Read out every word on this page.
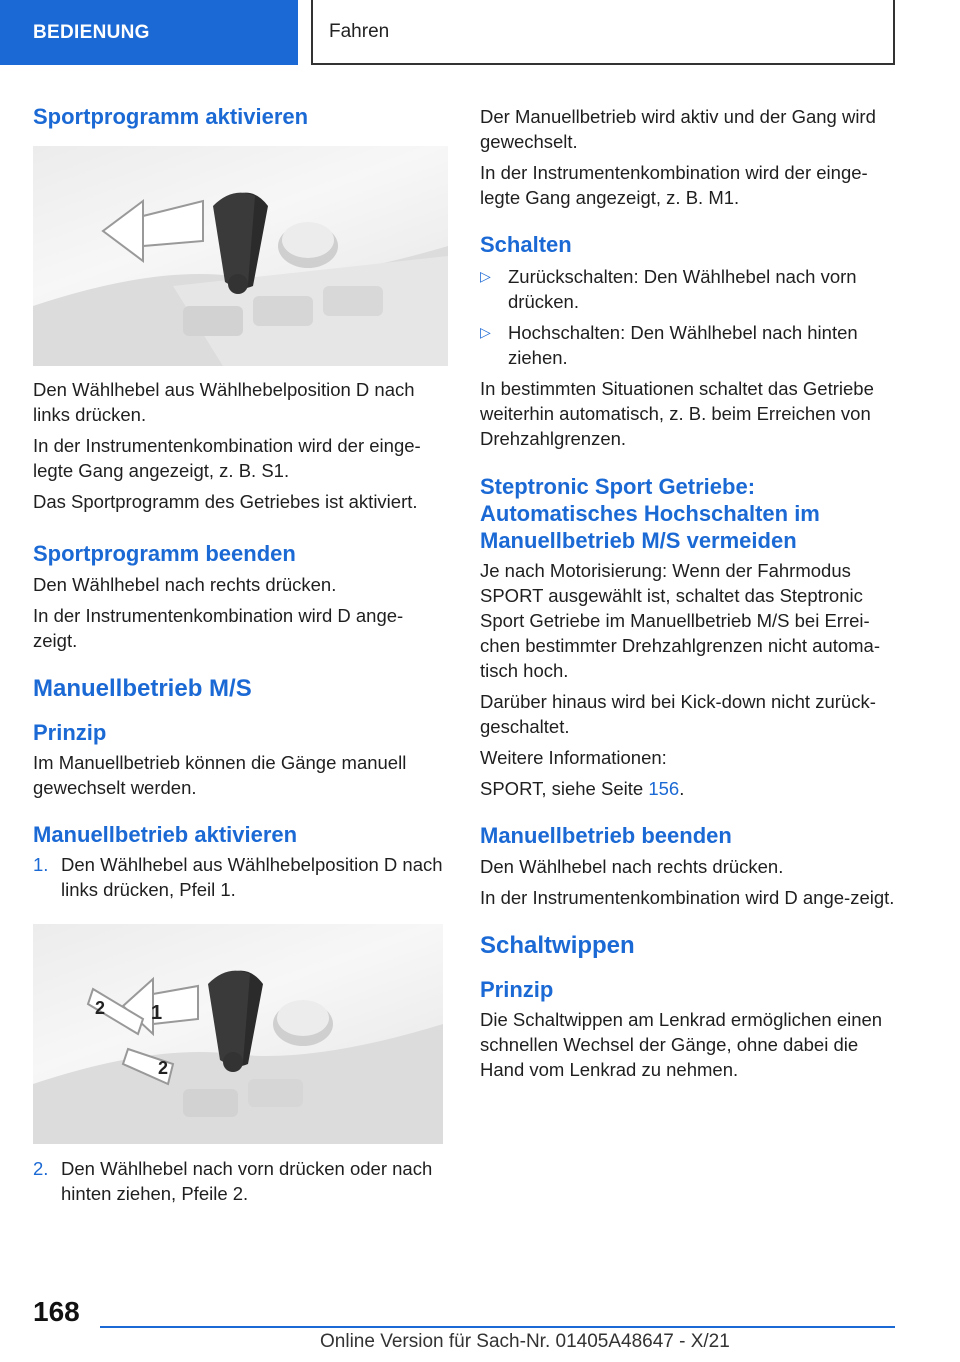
BEDIENUNG	Fahren
Sportprogramm aktivieren

Den Wählhebel aus Wählhebelposition D nach links drücken.

In der Instrumentenkombination wird der einge‐legte Gang angezeigt, z. B. S1.

Das Sportprogramm des Getriebes ist aktiviert.

Sportprogramm beenden

Den Wählhebel nach rechts drücken.

In der Instrumentenkombination wird D ange‐zeigt.

Manuellbetrieb M/S
Prinzip

Im Manuellbetrieb können die Gänge manuell gewechselt werden.

Manuellbetrieb aktivieren
1. Den Wählhebel aus Wählhebelposition D nach links drücken, Pfeil 1.
1
2
2
2. Den Wählhebel nach vorn drücken oder nach hinten ziehen, Pfeile 2.

Der Manuellbetrieb wird aktiv und der Gang wird gewechselt.

In der Instrumentenkombination wird der einge‐legte Gang angezeigt, z. B. M1.

Schalten
▷ Zurückschalten: Den Wählhebel nach vorn drücken.
▷ Hochschalten: Den Wählhebel nach hinten ziehen.

In bestimmten Situationen schaltet das Getriebe weiterhin automatisch, z. B. beim Erreichen von Drehzahlgrenzen.

Steptronic Sport Getriebe: Automatisches Hochschalten im Manuellbetrieb M/S vermeiden

Je nach Motorisierung: Wenn der Fahrmodus SPORT ausgewählt ist, schaltet das Steptronic Sport Getriebe im Manuellbetrieb M/S bei Errei‐chen bestimmter Drehzahlgrenzen nicht automa‐tisch hoch.

Darüber hinaus wird bei Kick-down nicht zurück‐geschaltet.

Weitere Informationen:

SPORT, siehe Seite 156.

Manuellbetrieb beenden

Den Wählhebel nach rechts drücken.

In der Instrumentenkombination wird D ange‐zeigt.

Schaltwippen
Prinzip

Die Schaltwippen am Lenkrad ermöglichen einen schnellen Wechsel der Gänge, ohne dabei die Hand vom Lenkrad zu nehmen.

168
Online Version für Sach-Nr. 01405A48647 - X/21
